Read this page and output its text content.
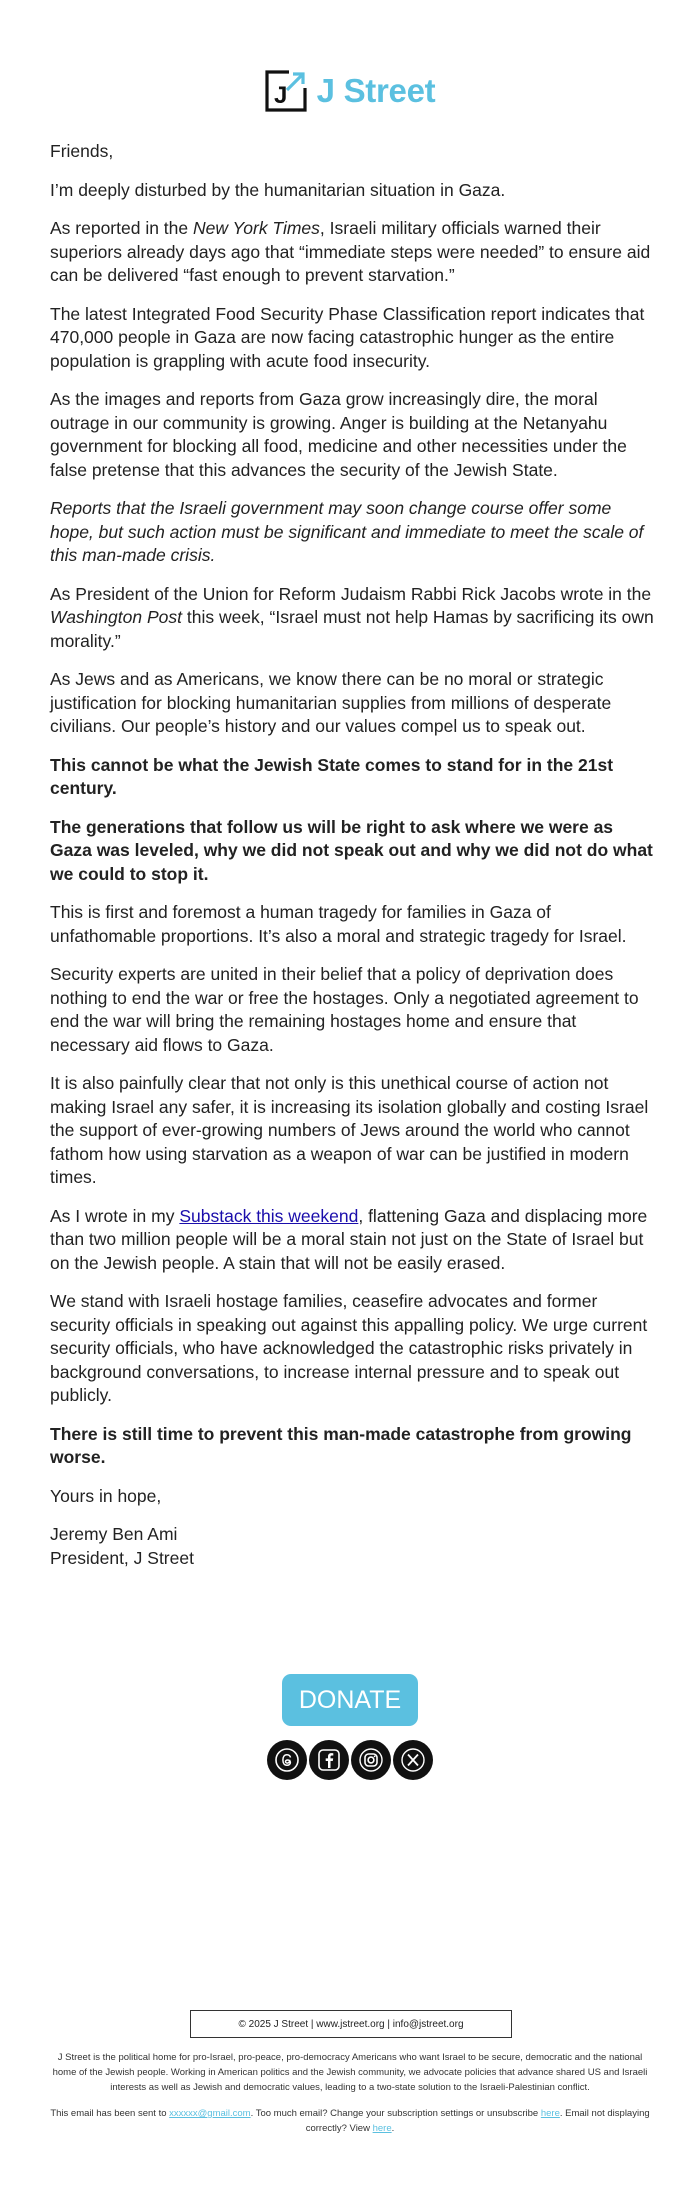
J J Street

Friends,

I’m deeply disturbed by the humanitarian situation in Gaza.

As reported in the New York Times, Israeli military officials warned their superiors already days ago that “immediate steps were needed” to ensure aid can be delivered “fast enough to prevent starvation.”

The latest Integrated Food Security Phase Classification report indicates that 470,000 people in Gaza are now facing catastrophic hunger as the entire population is grappling with acute food insecurity.

As the images and reports from Gaza grow increasingly dire, the moral outrage in our community is growing. Anger is building at the Netanyahu government for blocking all food, medicine and other necessities under the false pretense that this advances the security of the Jewish State.

Reports that the Israeli government may soon change course offer some hope, but such action must be significant and immediate to meet the scale of this man-made crisis.

As President of the Union for Reform Judaism Rabbi Rick Jacobs wrote in the Washington Post this week, “Israel must not help Hamas by sacrificing its own morality.”

As Jews and as Americans, we know there can be no moral or strategic justification for blocking humanitarian supplies from millions of desperate civilians. Our people’s history and our values compel us to speak out.

This cannot be what the Jewish State comes to stand for in the 21st century.

The generations that follow us will be right to ask where we were as Gaza was leveled, why we did not speak out and why we did not do what we could to stop it.

This is first and foremost a human tragedy for families in Gaza of unfathomable proportions. It’s also a moral and strategic tragedy for Israel.

Security experts are united in their belief that a policy of deprivation does nothing to end the war or free the hostages. Only a negotiated agreement to end the war will bring the remaining hostages home and ensure that necessary aid flows to Gaza.

It is also painfully clear that not only is this unethical course of action not making Israel any safer, it is increasing its isolation globally and costing Israel the support of ever-growing numbers of Jews around the world who cannot fathom how using starvation as a weapon of war can be justified in modern times.

As I wrote in my Substack this weekend, flattening Gaza and displacing more than two million people will be a moral stain not just on the State of Israel but on the Jewish people. A stain that will not be easily erased.

We stand with Israeli hostage families, ceasefire advocates and former security officials in speaking out against this appalling policy. We urge current security officials, who have acknowledged the catastrophic risks privately in background conversations, to increase internal pressure and to speak out publicly.

There is still time to prevent this man-made catastrophe from growing worse.

Yours in hope,

Jeremy Ben Ami
President, J Street

DONATE
© 2025 J Street | www.jstreet.org | info@jstreet.org
J Street is the political home for pro-Israel, pro-peace, pro-democracy Americans who want Israel to be secure, democratic and the national home of the Jewish people. Working in American politics and the Jewish community, we advocate policies that advance shared US and Israeli interests as well as Jewish and democratic values, leading to a two-state solution to the Israeli-Palestinian conflict.
This email has been sent to xxxxxx@gmail.com. Too much email? Change your subscription settings or unsubscribe here. Email not displaying correctly? View here.
